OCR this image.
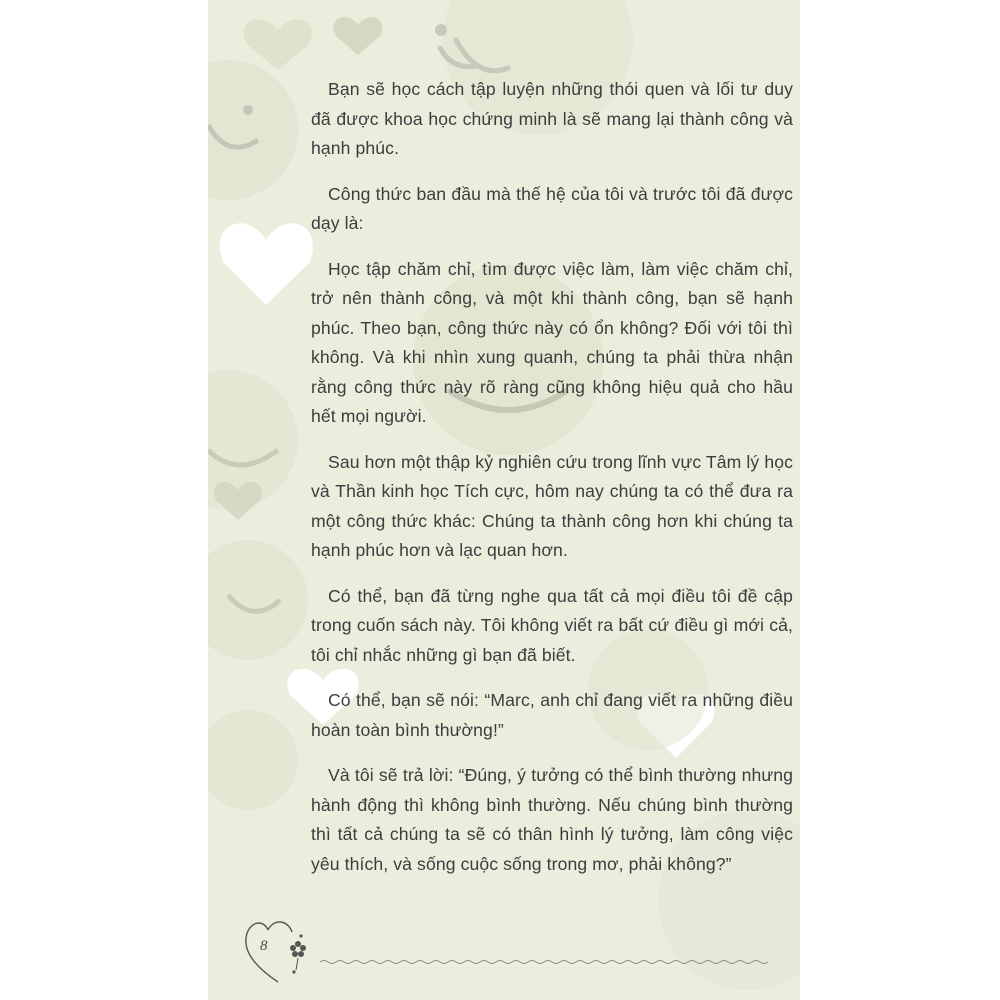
Bạn sẽ học cách tập luyện những thói quen và lối tư duy đã được khoa học chứng minh là sẽ mang lại thành công và hạnh phúc.

Công thức ban đầu mà thế hệ của tôi và trước tôi đã được dạy là:

Học tập chăm chỉ, tìm được việc làm, làm việc chăm chỉ, trở nên thành công, và một khi thành công, bạn sẽ hạnh phúc. Theo bạn, công thức này có ổn không? Đối với tôi thì không. Và khi nhìn xung quanh, chúng ta phải thừa nhận rằng công thức này rõ ràng cũng không hiệu quả cho hầu hết mọi người.

Sau hơn một thập kỷ nghiên cứu trong lĩnh vực Tâm lý học và Thần kinh học Tích cực, hôm nay chúng ta có thể đưa ra một công thức khác: Chúng ta thành công hơn khi chúng ta hạnh phúc hơn và lạc quan hơn.

Có thể, bạn đã từng nghe qua tất cả mọi điều tôi đề cập trong cuốn sách này. Tôi không viết ra bất cứ điều gì mới cả, tôi chỉ nhắc những gì bạn đã biết.

Có thể, bạn sẽ nói: “Marc, anh chỉ đang viết ra những điều hoàn toàn bình thường!”

Và tôi sẽ trả lời: “Đúng, ý tưởng có thể bình thường nhưng hành động thì không bình thường. Nếu chúng bình thường thì tất cả chúng ta sẽ có thân hình lý tưởng, làm công việc yêu thích, và sống cuộc sống trong mơ, phải không?”

8
